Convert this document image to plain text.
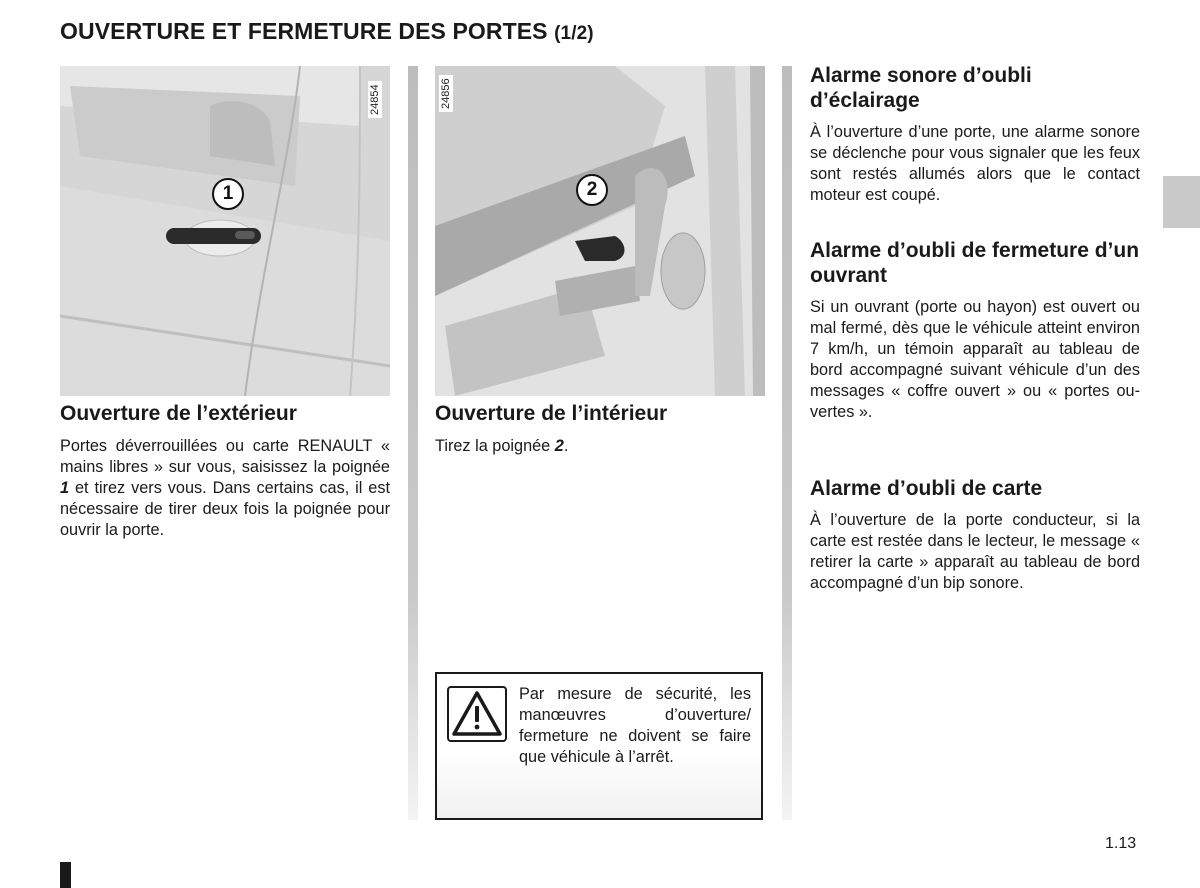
OUVERTURE ET FERMETURE DES PORTES (1/2)
24854
1
24856
2
Ouverture de l’extérieur

Portes déverrouillées ou carte RENAULT « mains libres » sur vous, saisissez la poignée 1 et tirez vers vous. Dans certains cas, il est nécessaire de tirer deux fois la poignée pour ouvrir la porte.

Ouverture de l’intérieur

Tirez la poignée 2.

Par mesure de sécurité, les manœuvres d’ouverture/ fermeture ne doivent se faire que véhicule à l’arrêt.

Alarme sonore d’oubli d’éclairage

À l’ouverture d’une porte, une alarme sonore se déclenche pour vous signaler que les feux sont restés allumés alors que le contact moteur est coupé.

Alarme d’oubli de fermeture d’un ouvrant

Si un ouvrant (porte ou hayon) est ouvert ou mal fermé, dès que le véhicule atteint environ 7 km/h, un témoin apparaît au tableau de bord accompagné suivant véhicule d’un des messages « coffre ouvert » ou « portes ouvertes ».

Alarme d’oubli de carte

À l’ouverture de la porte conducteur, si la carte est restée dans le lecteur, le message « retirer la carte » apparaît au tableau de bord accompagné d’un bip sonore.

1.13
